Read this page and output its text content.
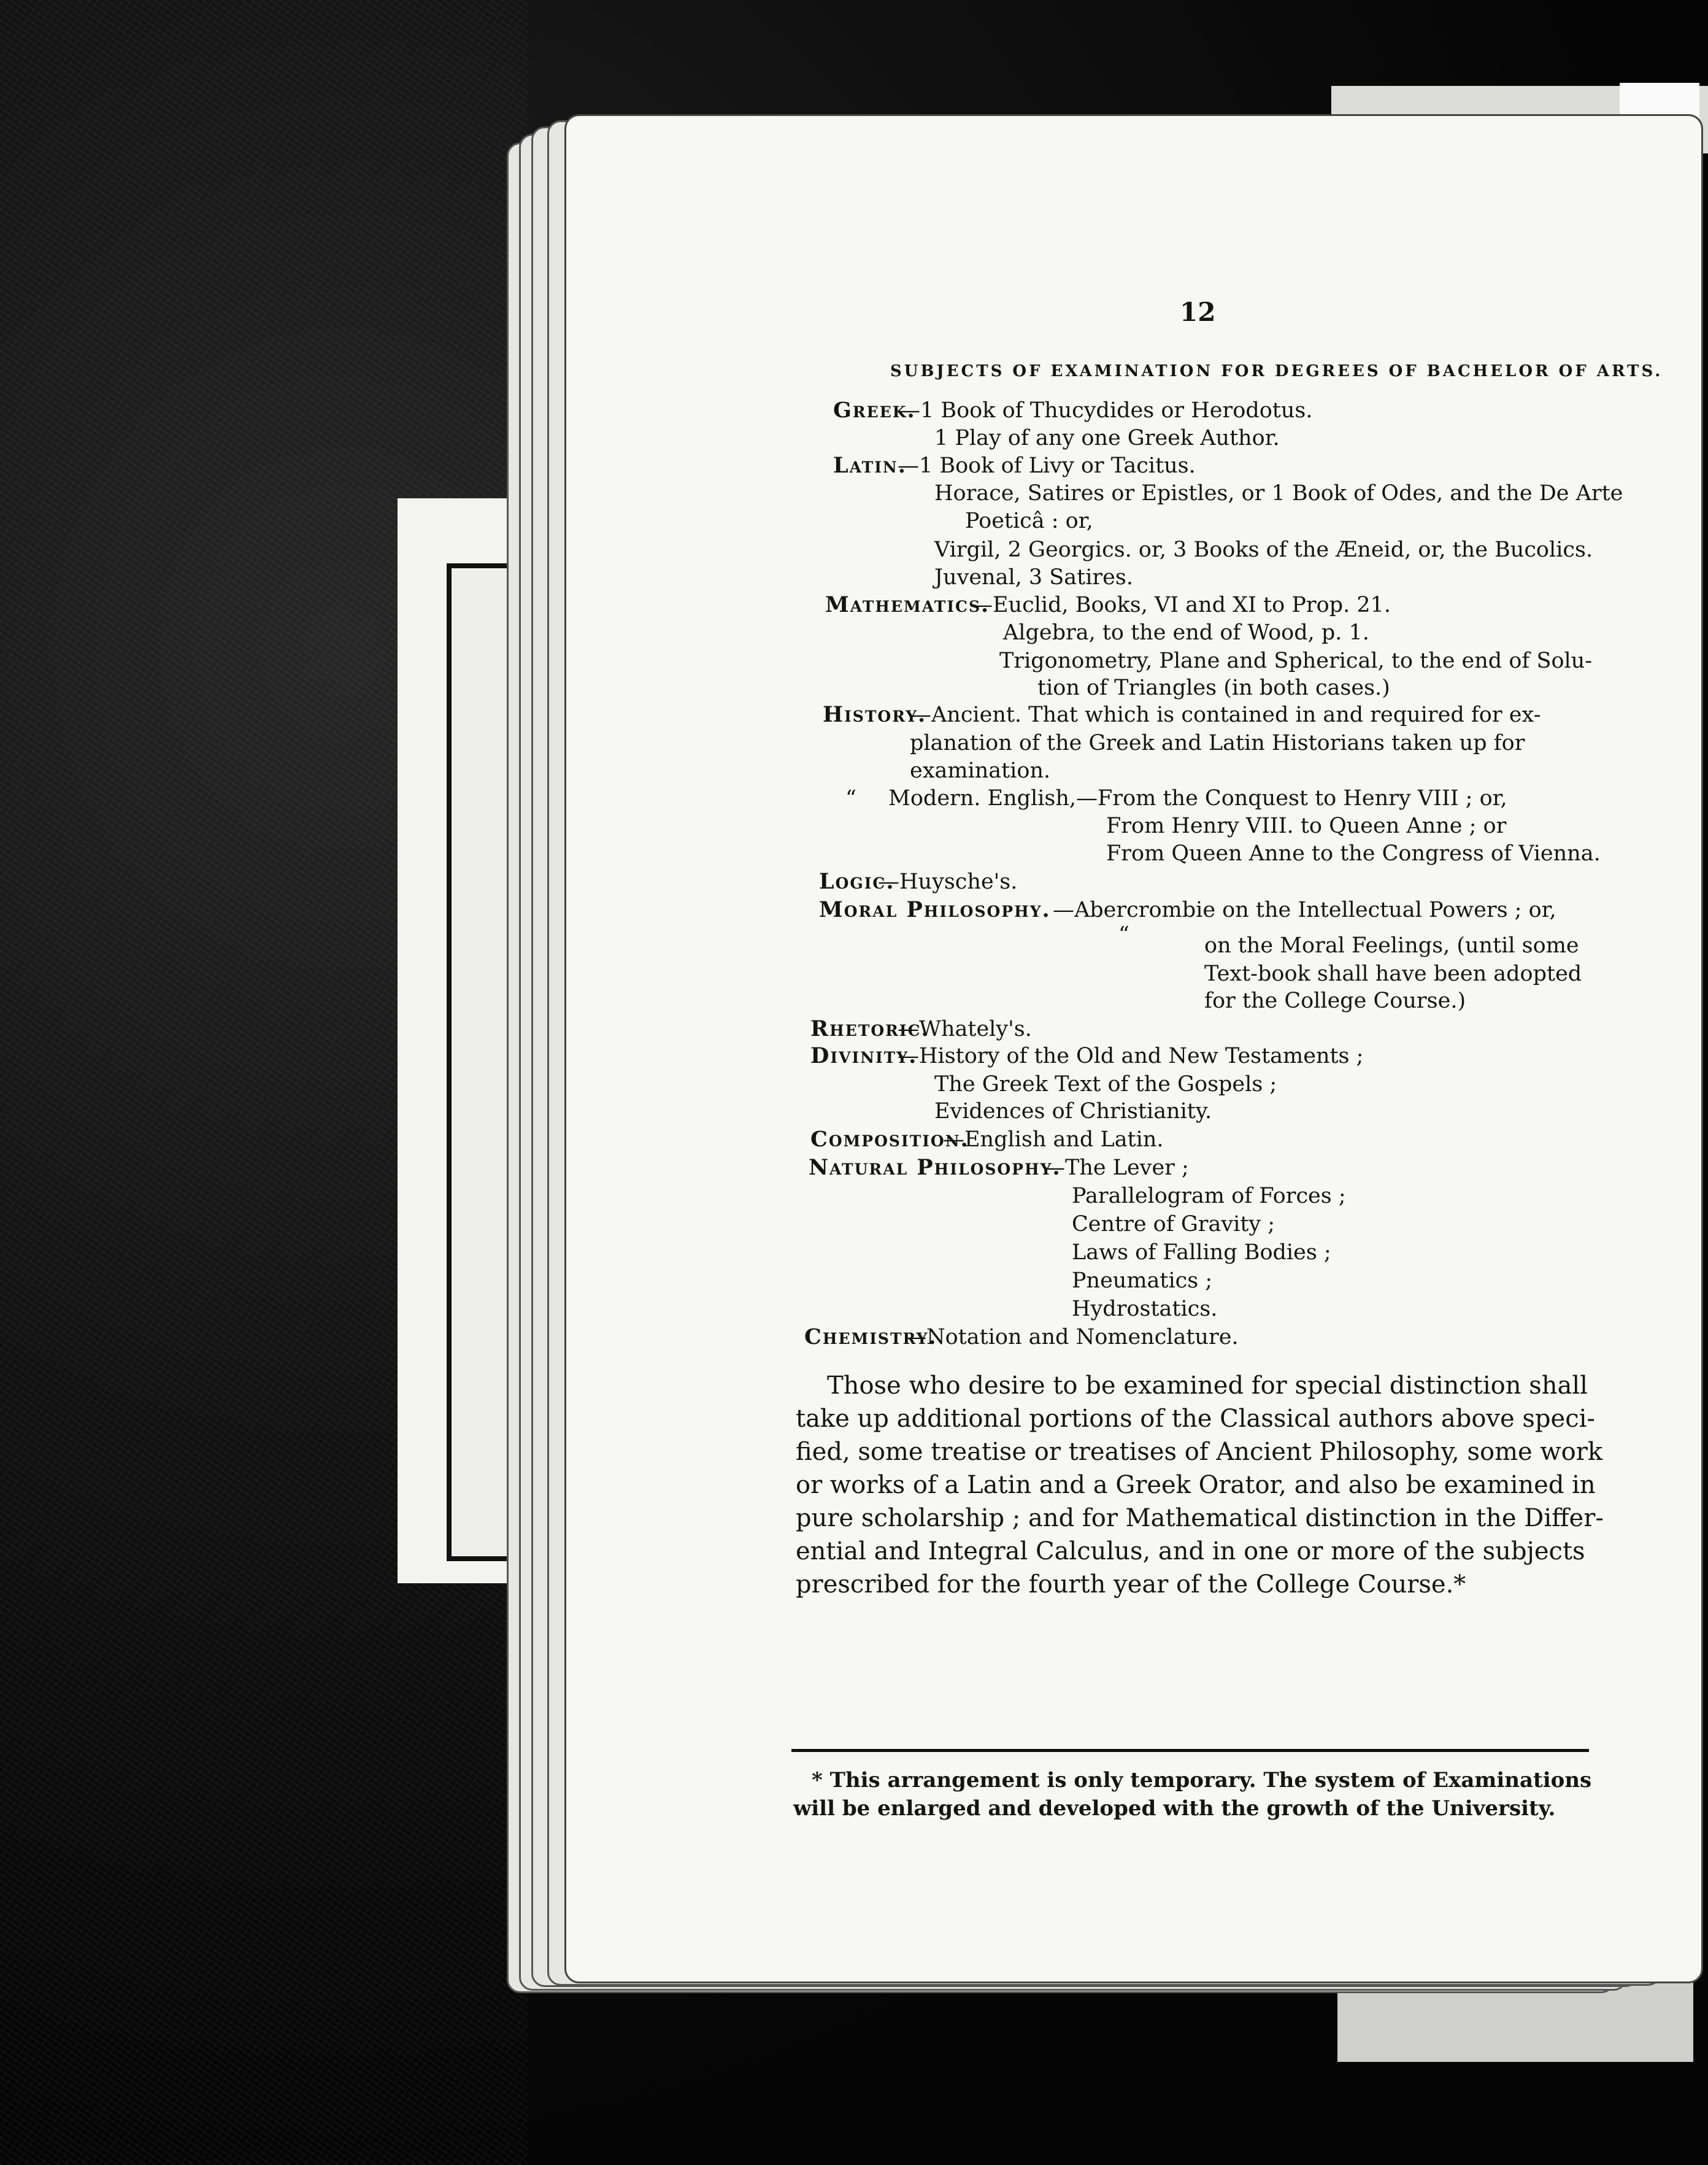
12
SUBJECTS OF EXAMINATION FOR DEGREES OF BACHELOR OF ARTS.
Greek.
—1 Book of Thucydides or Herodotus.
1 Play of any one Greek Author.
Latin.
—1 Book of Livy or Tacitus.
Horace, Satires or Epistles, or 1 Book of Odes, and the De Arte
Poeticâ : or,
Virgil, 2 Georgics. or, 3 Books of the Æneid, or, the Bucolics.
Juvenal, 3 Satires.
Mathematics.
—Euclid, Books, VI and XI to Prop. 21.
Algebra, to the end of Wood, p. 1.
Trigonometry, Plane and Spherical, to the end of Solu-
tion of Triangles (in both cases.)
History.
—Ancient. That which is contained in and required for ex-
planation of the Greek and Latin Historians taken up for
examination.
“ Modern. English,—From the Conquest to Henry VIII ; or,
From Henry VIII. to Queen Anne ; or
From Queen Anne to the Congress of Vienna.
Logic.
—Huysche's.
Moral Philosophy. —Abercrombie on the Intellectual Powers ; or,
“	on the Moral Feelings, (until some
Text-book shall have been adopted
for the College Course.)
Rhetoric.
—Whately's.
Divinity.
—History of the Old and New Testaments ;
The Greek Text of the Gospels ;
Evidences of Christianity.
Composition.
—English and Latin.
Natural Philosophy.
—The Lever ;
Parallelogram of Forces ;
Centre of Gravity ;
Laws of Falling Bodies ;
Pneumatics ;
Hydrostatics.
Chemistry.
—Notation and Nomenclature.
Those who desire to be examined for special distinction shall
take up additional portions of the Classical authors above speci-
fied, some treatise or treatises of Ancient Philosophy, some work
or works of a Latin and a Greek Orator, and also be examined in
pure scholarship ; and for Mathematical distinction in the Differ-
ential and Integral Calculus, and in one or more of the subjects
prescribed for the fourth year of the College Course.*
* This arrangement is only temporary. The system of Examinations
will be enlarged and developed with the growth of the University.
